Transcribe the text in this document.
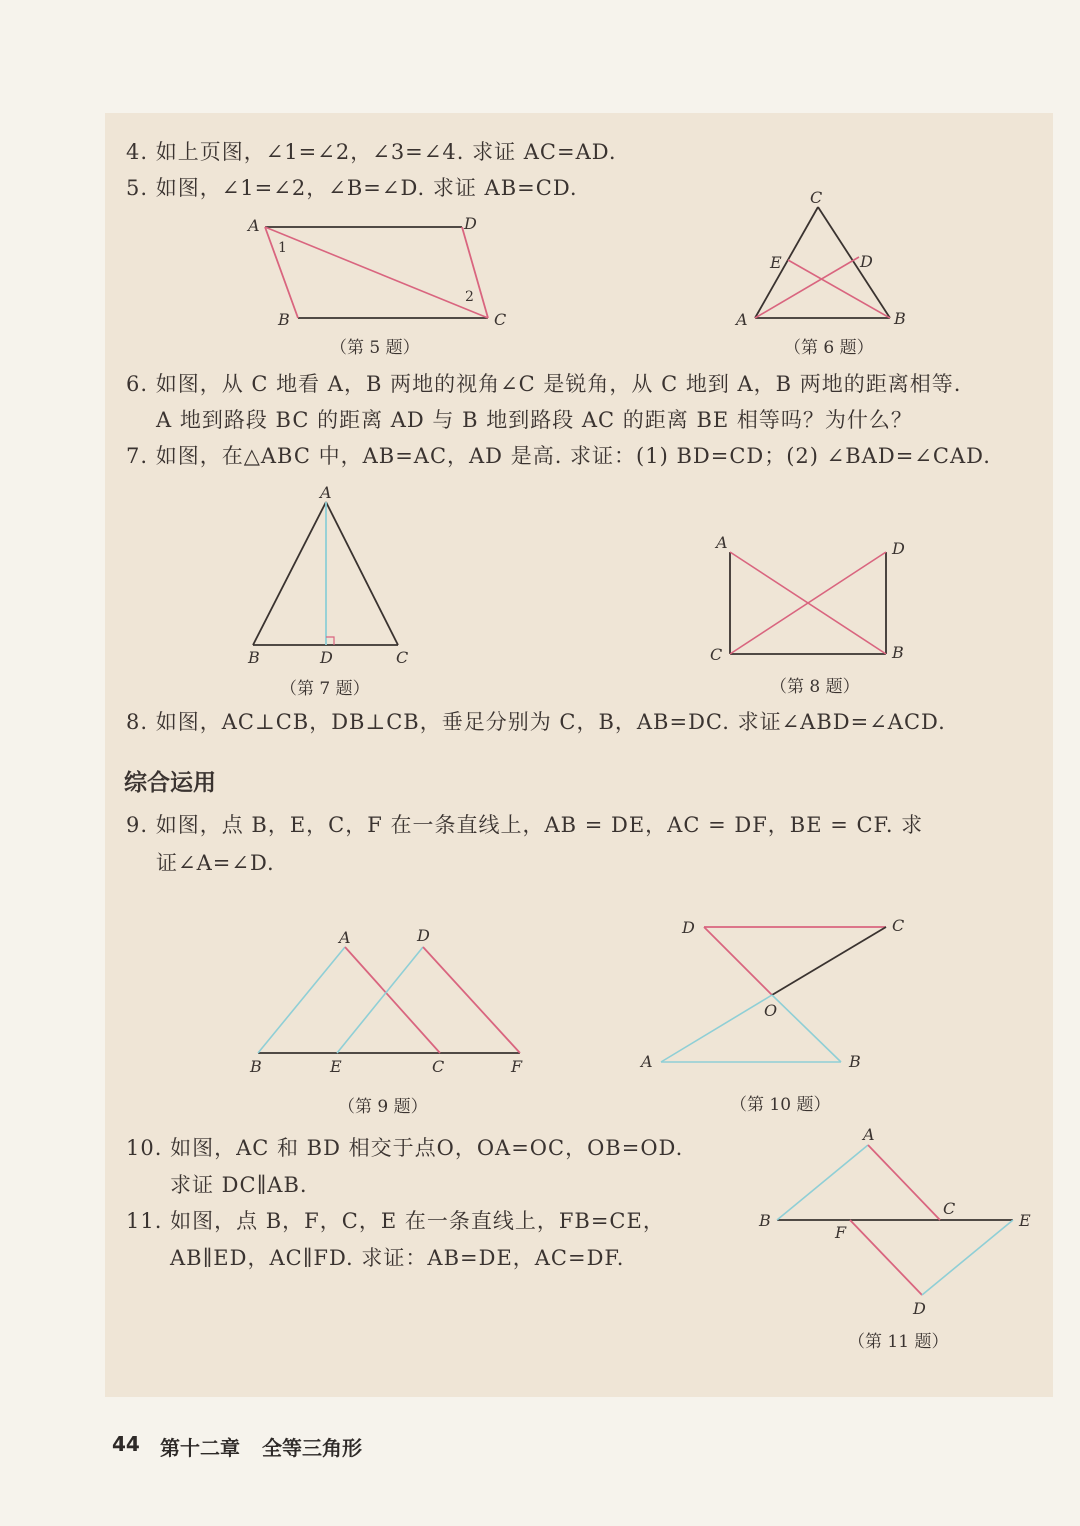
4. 如上页图，∠1=∠2，∠3=∠4. 求证 AC=AD.
5. 如图，∠1=∠2，∠B=∠D. 求证 AB=CD.
A	D
B	C
1
2
（第 5 题）
C
E	D
A	B
（第 6 题）
6. 如图，从 C 地看 A，B 两地的视角∠C 是锐角，从 C 地到 A，B 两地的距离相等.
A 地到路段 BC 的距离 AD 与 B 地到路段 AC 的距离 BE 相等吗？为什么？
7. 如图，在△ABC 中，AB=AC，AD 是高. 求证：(1) BD=CD；(2) ∠BAD=∠CAD.
A
B	D	C
（第 7 题）
A	D
C	B
（第 8 题）
8. 如图，AC⊥CB，DB⊥CB，垂足分别为 C，B，AB=DC. 求证∠ABD=∠ACD.
综合运用
9. 如图，点 B，E，C，F 在一条直线上，AB = DE，AC = DF，BE = CF. 求
证∠A=∠D.
A	D
B	E	C	F
（第 9 题）
D	C
O
A	B
（第 10 题）
10. 如图，AC 和 BD 相交于点O，OA=OC，OB=OD.
求证 DC∥AB.
11. 如图，点 B，F，C，E 在一条直线上，FB=CE，
AB∥ED，AC∥FD. 求证：AB=DE，AC=DF.
A
B
C
F
E
D
（第 11 题）
44 第十二章 全等三角形
